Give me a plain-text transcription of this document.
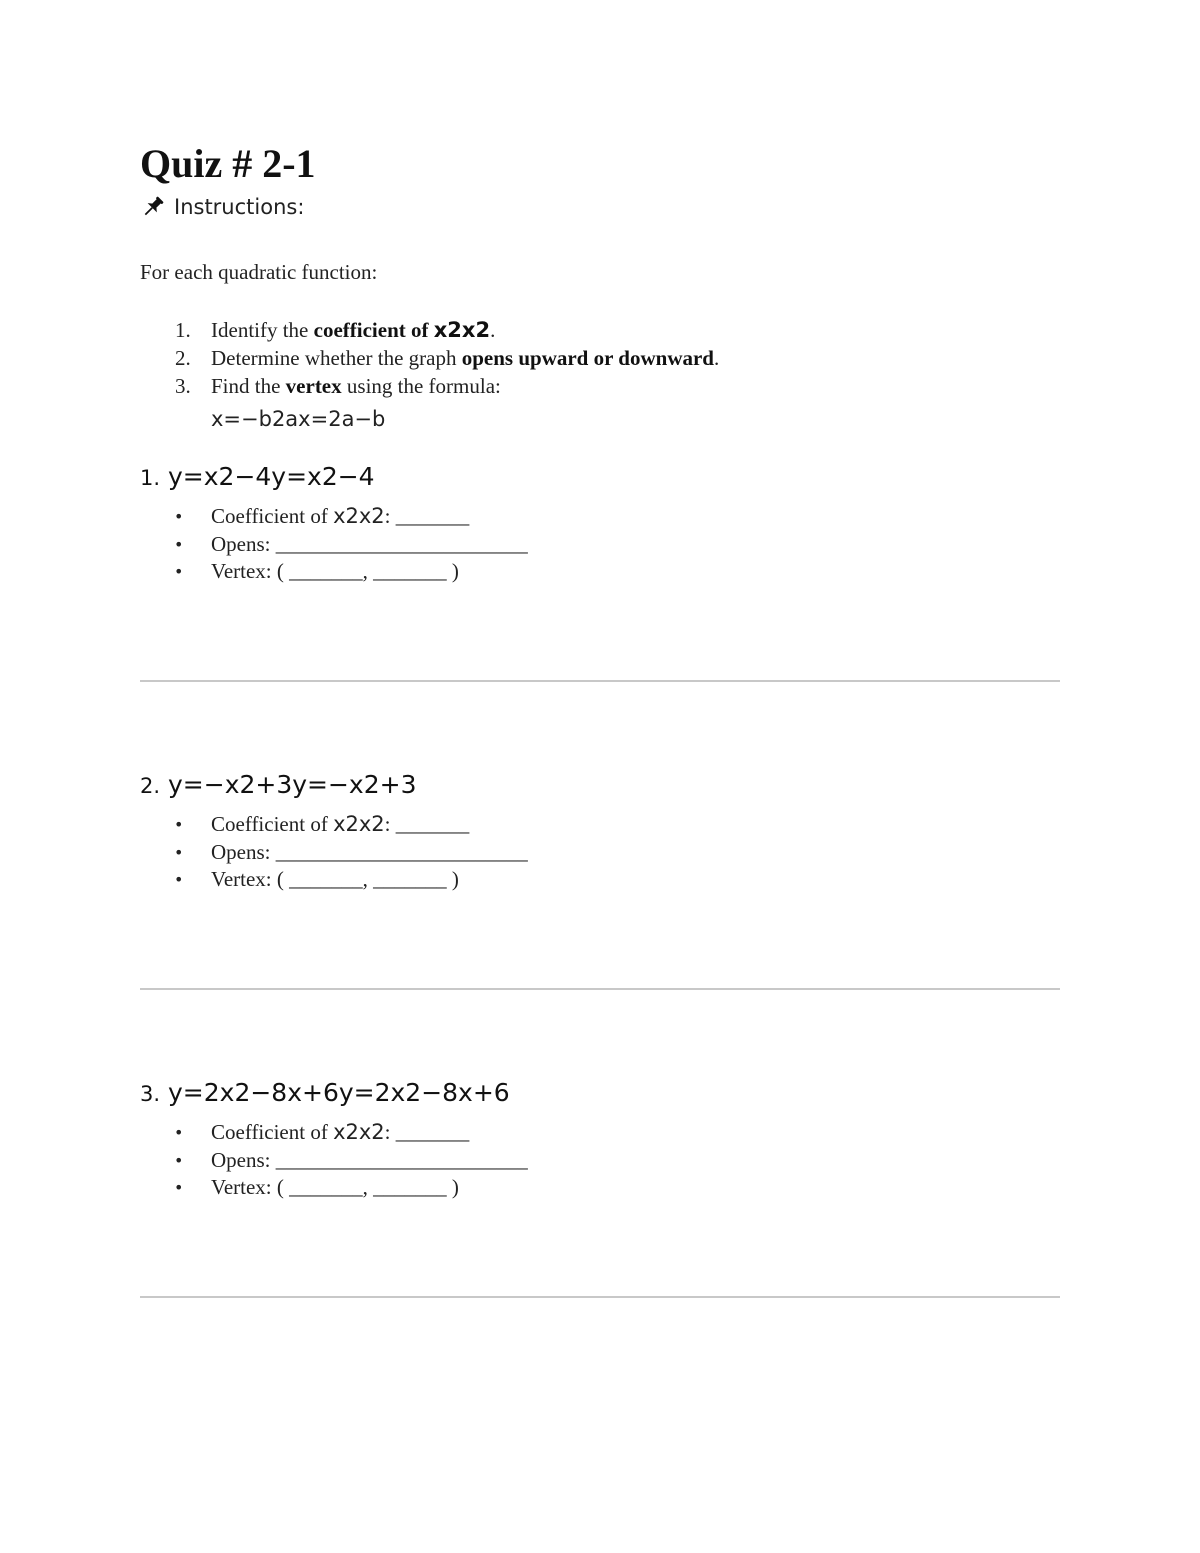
Quiz # 2-1
Instructions:
For each quadratic function:
1. Identify the coefficient of x2x2.
2. Determine whether the graph opens upward or downward.
3. Find the vertex using the formula:
x=−b2ax=2a−b
1. y=x2−4y=x2−4
• Coefficient of x2x2: _______
• Opens: ________________________
• Vertex: ( _______, _______ )
2. y=−x2+3y=−x2+3
• Coefficient of x2x2: _______
• Opens: ________________________
• Vertex: ( _______, _______ )
3. y=2x2−8x+6y=2x2−8x+6
• Coefficient of x2x2: _______
• Opens: ________________________
• Vertex: ( _______, _______ )
